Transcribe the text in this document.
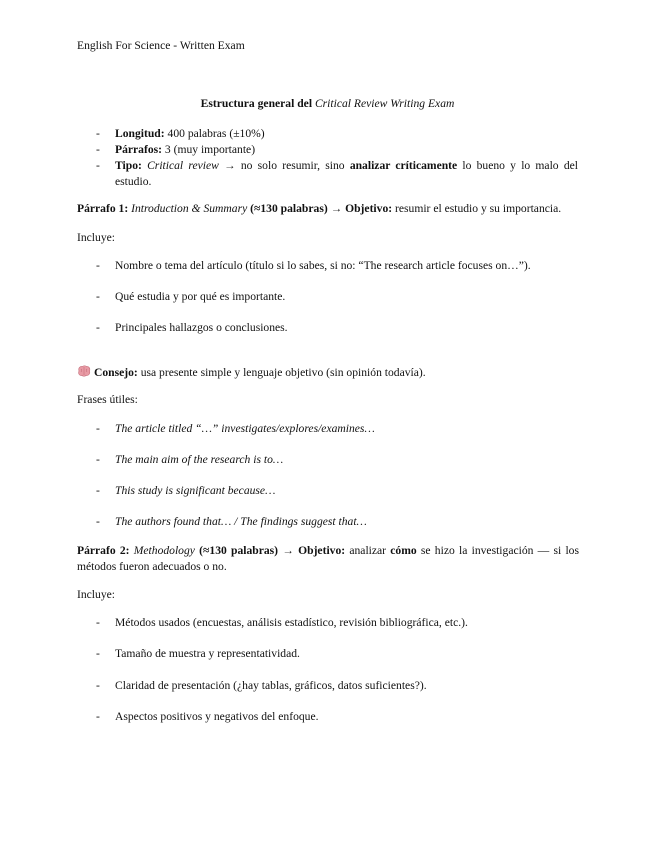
English For Science - Written Exam
Estructura general del Critical Review Writing Exam
- Longitud: 400 palabras (±10%)
- Párrafos: 3 (muy importante)
- Tipo: Critical review → no solo resumir, sino analizar críticamente lo bueno y lo malo del estudio.
Párrafo 1: Introduction & Summary (≈130 palabras) → Objetivo: resumir el estudio y su importancia.
Incluye:
- Nombre o tema del artículo (título si lo sabes, si no: “The research article focuses on…”).
- Qué estudia y por qué es importante.
- Principales hallazgos o conclusiones.
Consejo: usa presente simple y lenguaje objetivo (sin opinión todavía).
Frases útiles:
- The article titled “…” investigates/explores/examines…
- The main aim of the research is to…
- This study is significant because…
- The authors found that… / The findings suggest that…
Párrafo 2: Methodology (≈130 palabras) → Objetivo: analizar cómo se hizo la investigación — si los métodos fueron adecuados o no.
Incluye:
- Métodos usados (encuestas, análisis estadístico, revisión bibliográfica, etc.).
- Tamaño de muestra y representatividad.
- Claridad de presentación (¿hay tablas, gráficos, datos suficientes?).
- Aspectos positivos y negativos del enfoque.
